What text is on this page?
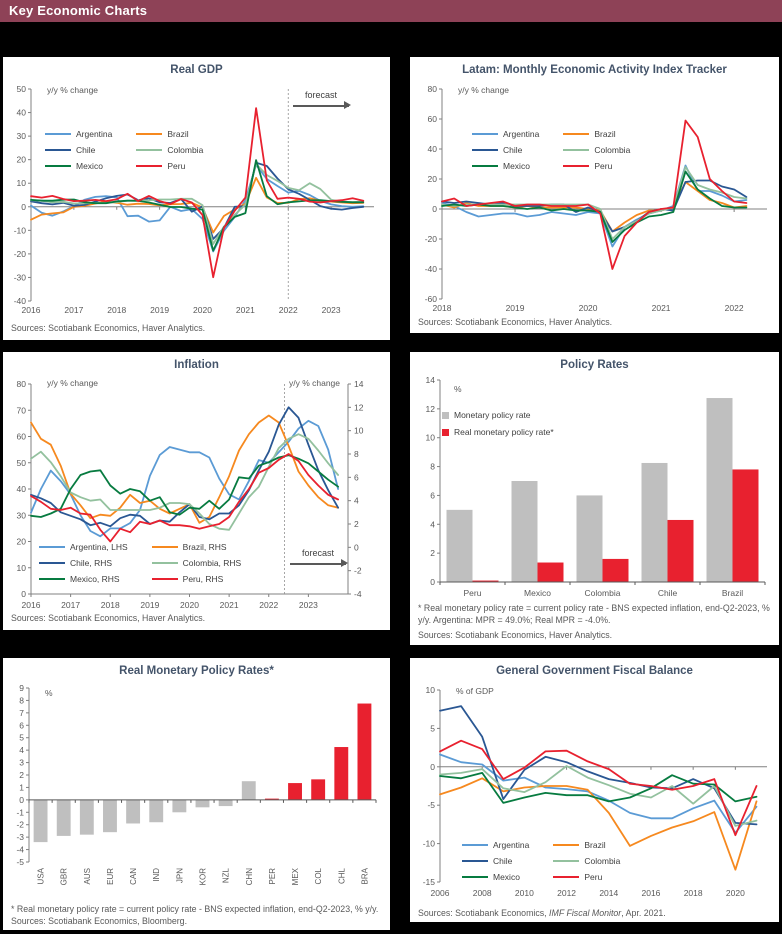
Key Economic Charts
Real GDP
-40
-30
-20
-10
0
10
20
30
40
50
2016	2017	2018	2019	2020	2021	2022	2023
y/y % change
Argentina
Chile
Mexico
Brazil
Colombia
Peru
forecast
Sources: Scotiabank Economics, Haver Analytics.
Latam: Monthly Economic Activity Index Tracker
-60
-40
-20
0
20
40
60
80
2018	2019	2020	2021	2022
y/y % change
Argentina
Chile
Mexico
Brazil
Colombia
Peru
Sources: Scotiabank Economics, Haver Analytics.
Inflation
0
10
20
30
40
50
60
70
80
-4
-2
0
2
4
6
8
10
12
14
2016 2017 2018 2019 2020 2021 2022 2023
y/y % change	y/y % change
Argentina, LHS
Chile, RHS
Mexico, RHS
Brazil, RHS
Colombia, RHS
Peru, RHS
forecast
Sources: Scotiabank Economics, Haver Analytics.
Policy Rates
0
2
4
6
8
10
12
14
Peru	Mexico	Colombia	Chile	Brazil
%
Monetary policy rate
Real monetary policy rate*
* Real monetary policy rate = current policy rate - BNS expected inflation, end-Q2-2023, % y/y. Argentina: MPR = 49.0%; Real MPR = -4.0%.
Sources: Scotiabank Economics, Haver Analytics.
Real Monetary Policy Rates*
-5
-4
-3
-2
-1
0
1
2
3
4
5
6
7
8
9
USA GBR AUS EUR CAN IND JPN KOR NZL CHN PER MEX COL CHL BRA
%
* Real monetary policy rate = current policy rate - BNS expected inflation, end-Q2-2023, % y/y. Sources: Scotiabank Economics, Bloomberg.
General Government Fiscal Balance
-15
-10
-5
0
5
10
2006	2008	2010	2012	2014	2016	2018	2020
% of GDP
Argentina
Chile
Mexico
Brazil
Colombia
Peru
Sources: Scotiabank Economics, IMF Fiscal Monitor, Apr. 2021.
